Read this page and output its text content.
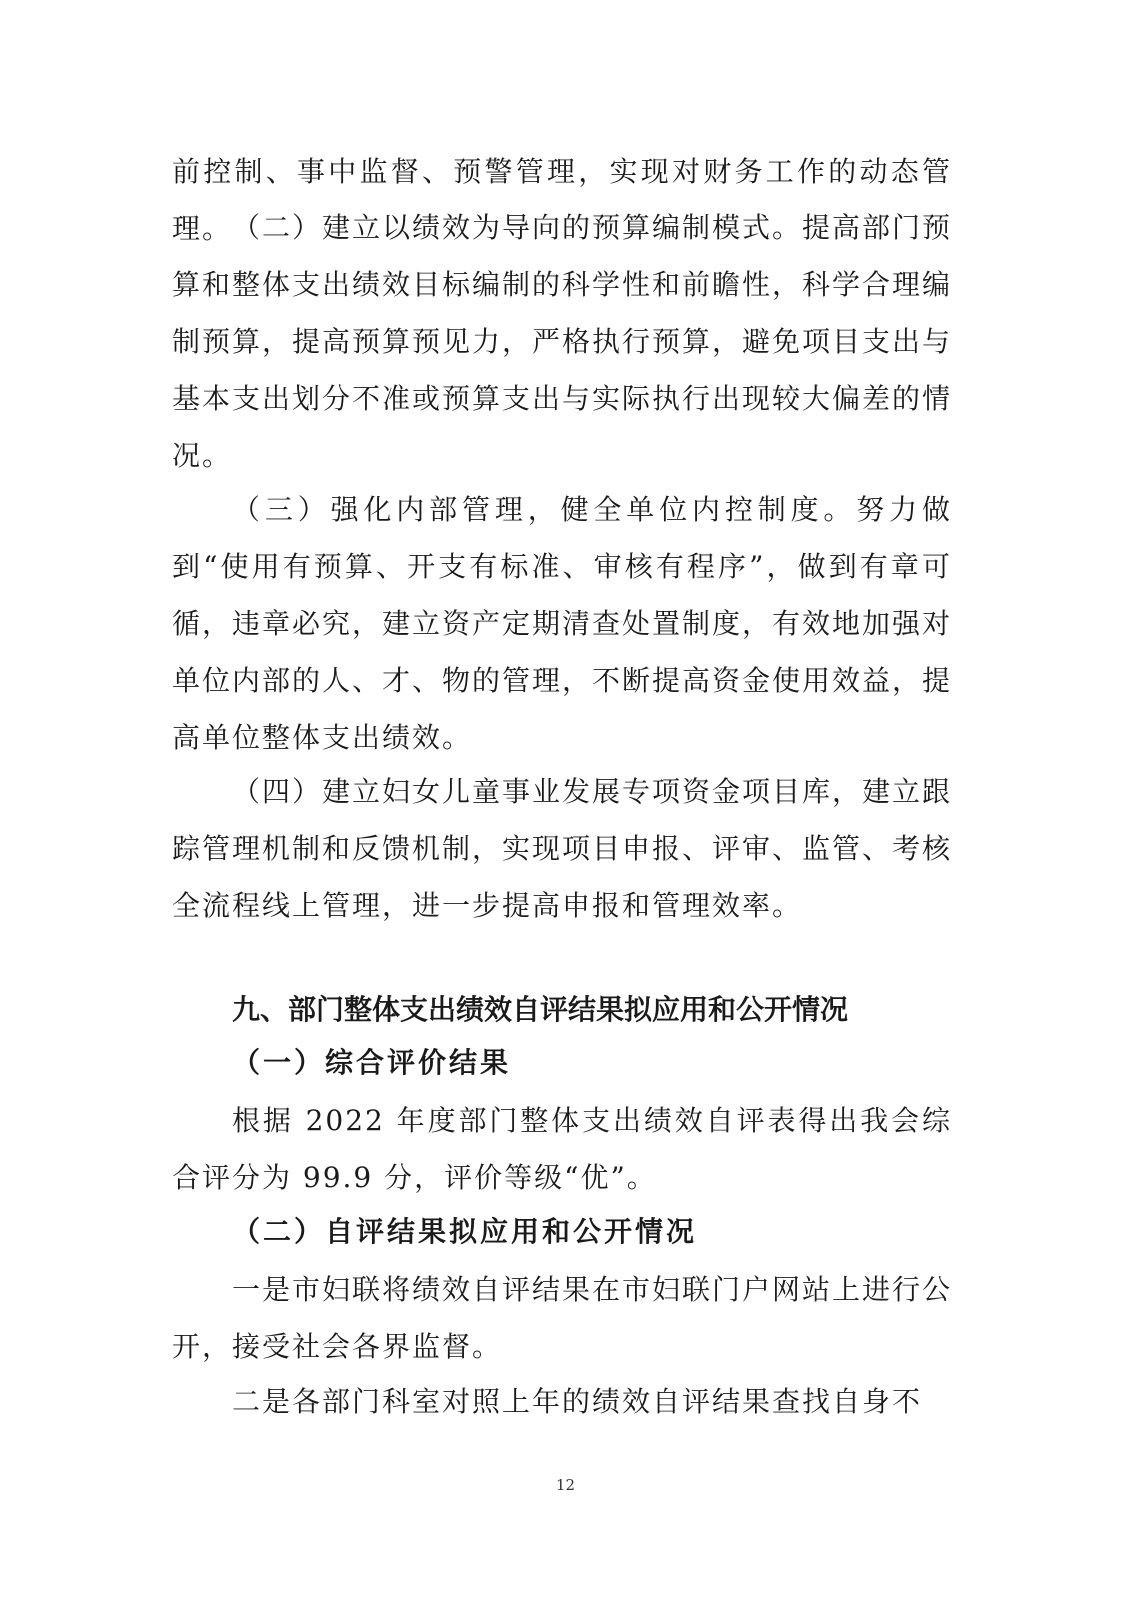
前控制、事中监督、预警管理，实现对财务工作的动态管理。 （二）建立以绩效为导向的预算编制模式。提高部门预算和整体支出绩效目标编制的科学性和前瞻性，科学合理编制预算，提高预算预见力，严格执行预算，避免项目支出与基本支出划分不准或预算支出与实际执行出现较大偏差的情况。

（三）强化内部管理，健全单位内控制度。努力做到“使用有预算、开支有标准、审核有程序”，做到有章可循，违章必究，建立资产定期清查处置制度，有效地加强对单位内部的人、才、物的管理，不断提高资金使用效益，提高单位整体支出绩效。

（四）建立妇女儿童事业发展专项资金项目库，建立跟踪管理机制和反馈机制，实现项目申报、评审、监管、考核全流程线上管理，进一步提高申报和管理效率。

九、部门整体支出绩效自评结果拟应用和公开情况
（一）综合评价结果

根据 2022 年度部门整体支出绩效自评表得出我会综合评分为 99.9 分，评价等级“优”。

（二）自评结果拟应用和公开情况

一是市妇联将绩效自评结果在市妇联门户网站上进行公开，接受社会各界监督。

二是各部门科室对照上年的绩效自评结果查找自身不

12
